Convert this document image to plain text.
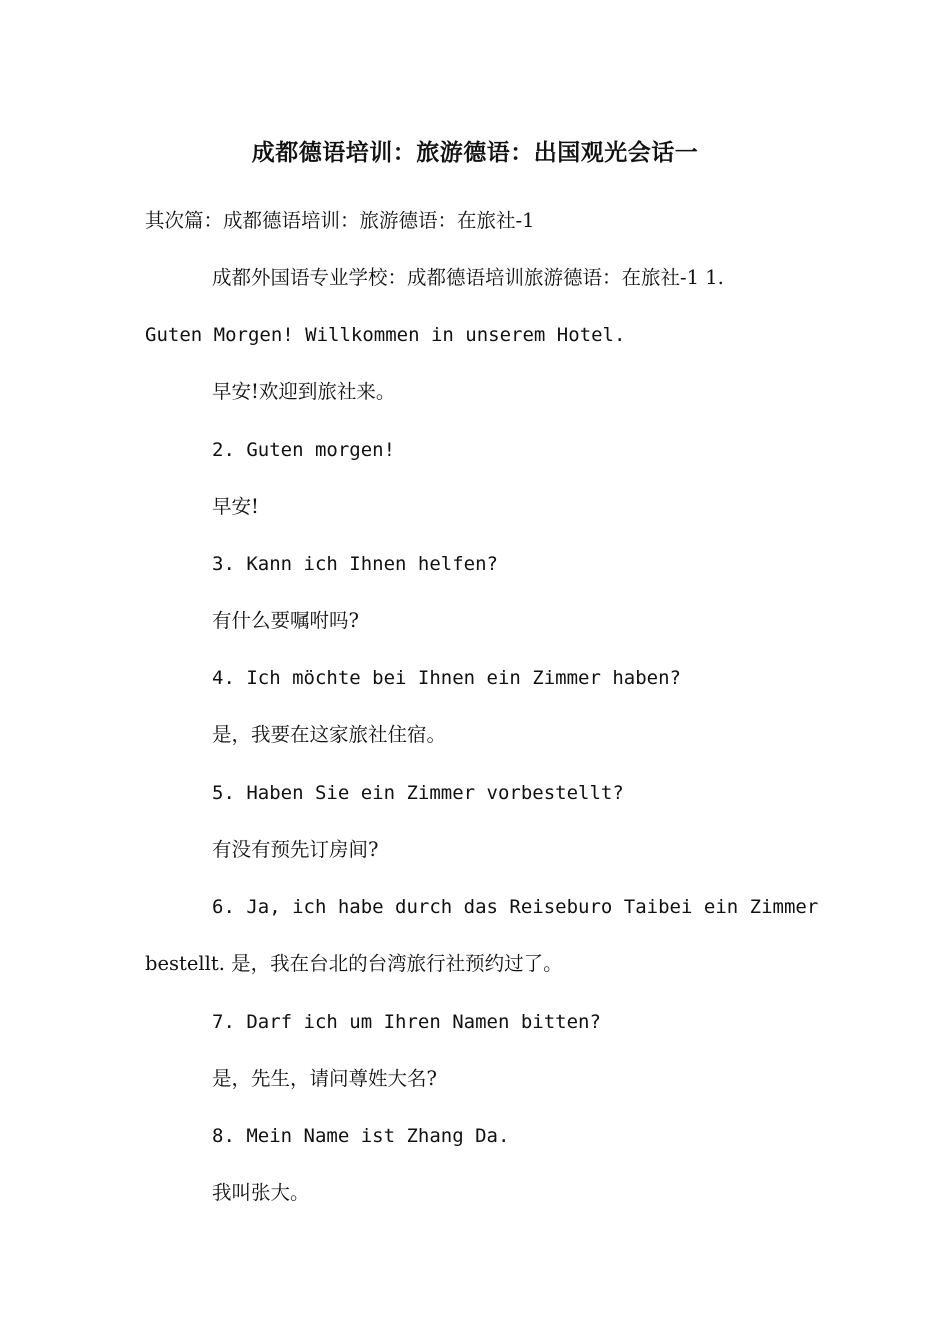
成都德语培训：旅游德语：出国观光会话一
其次篇：成都德语培训：旅游德语：在旅社-1
成都外国语专业学校：成都德语培训旅游德语：在旅社-1 1.
Guten Morgen! Willkommen in unserem Hotel.
早安!欢迎到旅社来。
2. Guten morgen!
早安!
3. Kann ich Ihnen helfen?
有什么要嘱咐吗?
4. Ich möchte bei Ihnen ein Zimmer haben?
是，我要在这家旅社住宿。
5. Haben Sie ein Zimmer vorbestellt?
有没有预先订房间?
6. Ja, ich habe durch das Reiseburo Taibei ein Zimmer
bestellt. 是，我在台北的台湾旅行社预约过了。
7. Darf ich um Ihren Namen bitten?
是，先生，请问尊姓大名?
8. Mein Name ist Zhang Da.
我叫张大。
